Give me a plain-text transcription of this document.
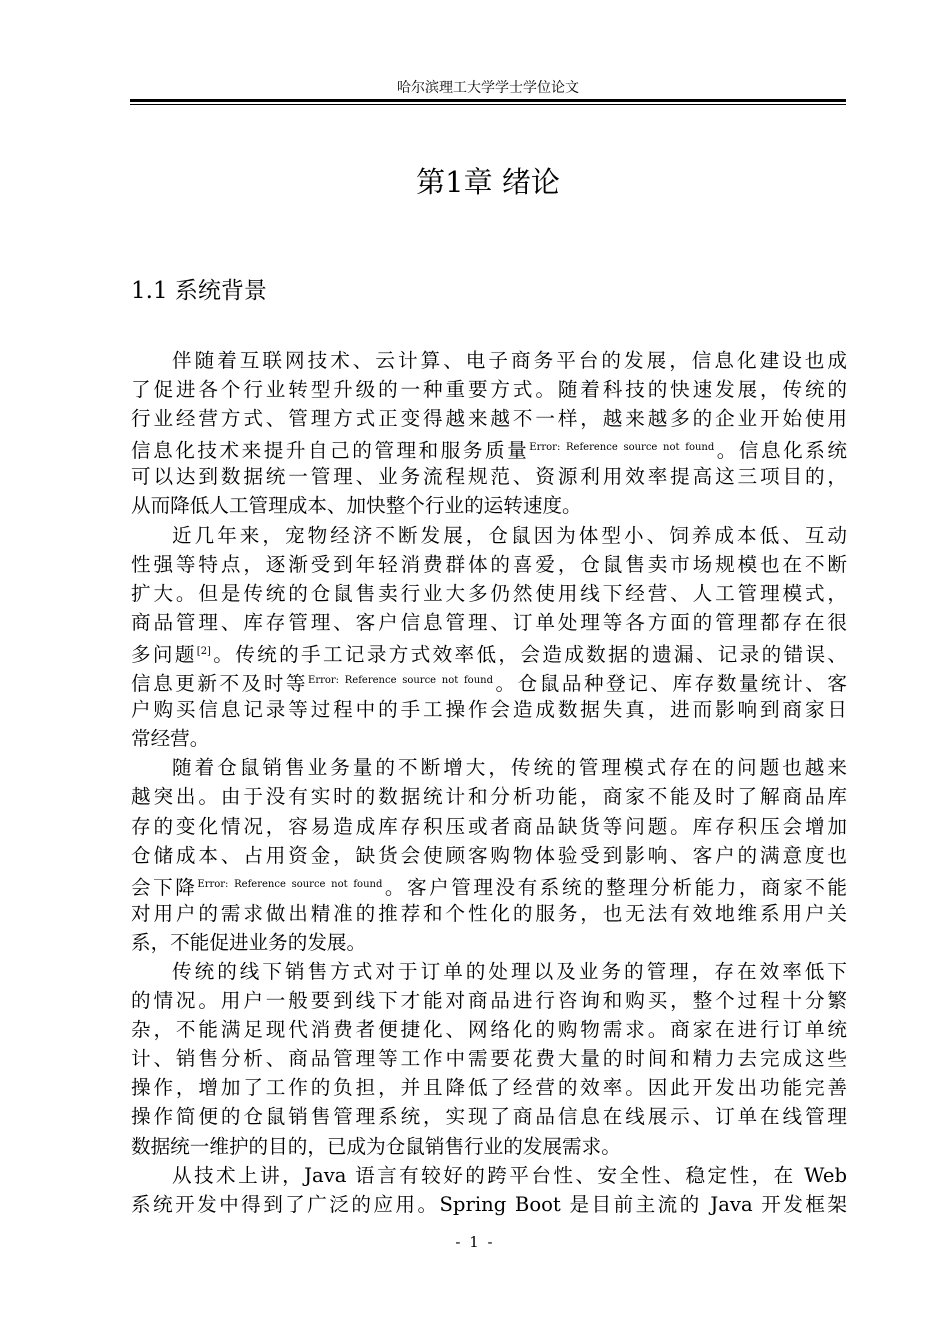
哈尔滨理工大学学士学位论文
第1章 绪论
1.1 系统背景
伴随着互联网技术、云计算、电子商务平台的发展，信息化建设也成
了促进各个行业转型升级的一种重要方式。随着科技的快速发展，传统的
行业经营方式、管理方式正变得越来越不一样，越来越多的企业开始使用
信息化技术来提升自己的管理和服务质量$^{Error: Reference source not found}$。信息化系统
可以达到数据统一管理、业务流程规范、资源利用效率提高这三项目的，
从而降低人工管理成本、加快整个行业的运转速度。
近几年来，宠物经济不断发展，仓鼠因为体型小、饲养成本低、互动
性强等特点，逐渐受到年轻消费群体的喜爱，仓鼠售卖市场规模也在不断
扩大。但是传统的仓鼠售卖行业大多仍然使用线下经营、人工管理模式，
商品管理、库存管理、客户信息管理、订单处理等各方面的管理都存在很
多问题[2]。传统的手工记录方式效率低，会造成数据的遗漏、记录的错误、
信息更新不及时等$^{Error: Reference source not found}$。仓鼠品种登记、库存数量统计、客
户购买信息记录等过程中的手工操作会造成数据失真，进而影响到商家日
常经营。
随着仓鼠销售业务量的不断增大，传统的管理模式存在的问题也越来
越突出。由于没有实时的数据统计和分析功能，商家不能及时了解商品库
存的变化情况，容易造成库存积压或者商品缺货等问题。库存积压会增加
仓储成本、占用资金，缺货会使顾客购物体验受到影响、客户的满意度也
会下降$^{Error: Reference source not found}$。客户管理没有系统的整理分析能力，商家不能
对用户的需求做出精准的推荐和个性化的服务，也无法有效地维系用户关
系，不能促进业务的发展。
传统的线下销售方式对于订单的处理以及业务的管理，存在效率低下
的情况。用户一般要到线下才能对商品进行咨询和购买，整个过程十分繁
杂，不能满足现代消费者便捷化、网络化的购物需求。商家在进行订单统
计、销售分析、商品管理等工作中需要花费大量的时间和精力去完成这些
操作，增加了工作的负担，并且降低了经营的效率。因此开发出功能完善
操作简便的仓鼠销售管理系统，实现了商品信息在线展示、订单在线管理
数据统一维护的目的，已成为仓鼠销售行业的发展需求。
从技术上讲，Java 语言有较好的跨平台性、安全性、稳定性，在 Web
系统开发中得到了广泛的应用。Spring Boot 是目前主流的 Java 开发框架
- 1 -
